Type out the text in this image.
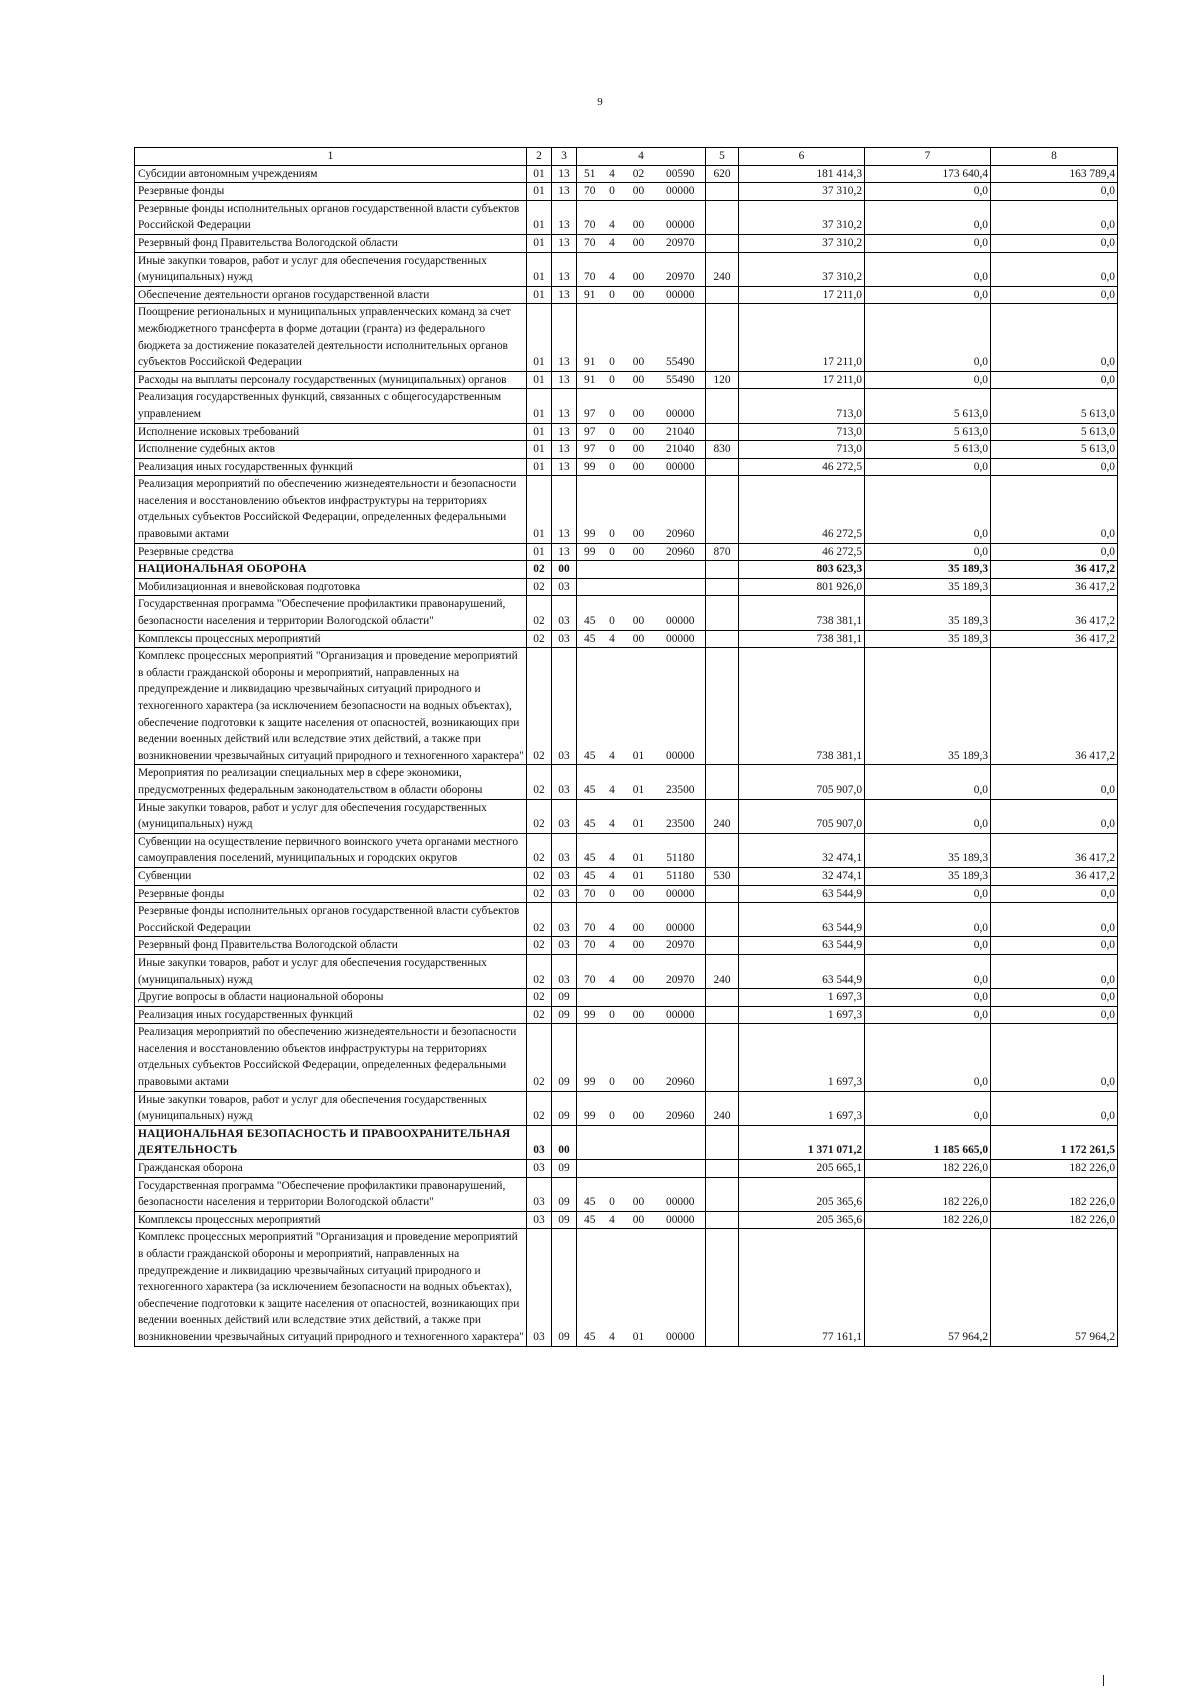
9
1	2	3	4				5	6	7	8
Субсидии автономным учреждениям	01	13	51	4	02	00590	620	181 414,3	173 640,4	163 789,4
Резервные фонды	01	13	70	0	00	00000		37 310,2	0,0	0,0
Резервные фонды исполнительных органов государственной власти субъектов Российской Федерации	01	13	70	4	00	00000		37 310,2	0,0	0,0
Резервный фонд Правительства Вологодской области	01	13	70	4	00	20970		37 310,2	0,0	0,0
Иные закупки товаров, работ и услуг для обеспечения государственных (муниципальных) нужд	01	13	70	4	00	20970	240	37 310,2	0,0	0,0
Обеспечение деятельности органов государственной власти	01	13	91	0	00	00000		17 211,0	0,0	0,0
Поощрение региональных и муниципальных управленческих команд за счет межбюджетного трансферта в форме дотации (гранта) из федерального бюджета за достижение показателей деятельности исполнительных органов субъектов Российской Федерации	01	13	91	0	00	55490		17 211,0	0,0	0,0
Расходы на выплаты персоналу государственных (муниципальных) органов	01	13	91	0	00	55490	120	17 211,0	0,0	0,0
Реализация государственных функций, связанных с общегосударственным управлением	01	13	97	0	00	00000		713,0	5 613,0	5 613,0
Исполнение исковых требований	01	13	97	0	00	21040		713,0	5 613,0	5 613,0
Исполнение судебных актов	01	13	97	0	00	21040	830	713,0	5 613,0	5 613,0
Реализация иных государственных функций	01	13	99	0	00	00000		46 272,5	0,0	0,0
Реализация мероприятий по обеспечению жизнедеятельности и безопасности населения и восстановлению объектов инфраструктуры на территориях отдельных субъектов Российской Федерации, определенных федеральными правовыми актами	01	13	99	0	00	20960		46 272,5	0,0	0,0
Резервные средства	01	13	99	0	00	20960	870	46 272,5	0,0	0,0
НАЦИОНАЛЬНАЯ ОБОРОНА	02	00						803 623,3	35 189,3	36 417,2
Мобилизационная и вневойсковая подготовка	02	03						801 926,0	35 189,3	36 417,2
Государственная программа "Обеспечение профилактики правонарушений, безопасности населения и территории Вологодской области"	02	03	45	0	00	00000		738 381,1	35 189,3	36 417,2
Комплексы процессных мероприятий	02	03	45	4	00	00000		738 381,1	35 189,3	36 417,2
Комплекс процессных мероприятий "Организация и проведение мероприятий в области гражданской обороны и мероприятий, направленных на предупреждение и ликвидацию чрезвычайных ситуаций природного и техногенного характера (за исключением безопасности на водных объектах), обеспечение подготовки к защите населения от опасностей, возникающих при ведении военных действий или вследствие этих действий, а также при возникновении чрезвычайных ситуаций природного и техногенного характера"	02	03	45	4	01	00000		738 381,1	35 189,3	36 417,2
Мероприятия по реализации специальных мер в сфере экономики, предусмотренных федеральным законодательством в области обороны	02	03	45	4	01	23500		705 907,0	0,0	0,0
Иные закупки товаров, работ и услуг для обеспечения государственных (муниципальных) нужд	02	03	45	4	01	23500	240	705 907,0	0,0	0,0
Субвенции на осуществление первичного воинского учета органами местного самоуправления поселений, муниципальных и городских округов	02	03	45	4	01	51180		32 474,1	35 189,3	36 417,2
Субвенции	02	03	45	4	01	51180	530	32 474,1	35 189,3	36 417,2
Резервные фонды	02	03	70	0	00	00000		63 544,9	0,0	0,0
Резервные фонды исполнительных органов государственной власти субъектов Российской Федерации	02	03	70	4	00	00000		63 544,9	0,0	0,0
Резервный фонд Правительства Вологодской области	02	03	70	4	00	20970		63 544,9	0,0	0,0
Иные закупки товаров, работ и услуг для обеспечения государственных (муниципальных) нужд	02	03	70	4	00	20970	240	63 544,9	0,0	0,0
Другие вопросы в области национальной обороны	02	09						1 697,3	0,0	0,0
Реализация иных государственных функций	02	09	99	0	00	00000		1 697,3	0,0	0,0
Реализация мероприятий по обеспечению жизнедеятельности и безопасности населения и восстановлению объектов инфраструктуры на территориях отдельных субъектов Российской Федерации, определенных федеральными правовыми актами	02	09	99	0	00	20960		1 697,3	0,0	0,0
Иные закупки товаров, работ и услуг для обеспечения государственных (муниципальных) нужд	02	09	99	0	00	20960	240	1 697,3	0,0	0,0
НАЦИОНАЛЬНАЯ БЕЗОПАСНОСТЬ И ПРАВООХРАНИТЕЛЬНАЯ ДЕЯТЕЛЬНОСТЬ	03	00						1 371 071,2	1 185 665,0	1 172 261,5
Гражданская оборона	03	09						205 665,1	182 226,0	182 226,0
Государственная программа "Обеспечение профилактики правонарушений, безопасности населения и территории Вологодской области"	03	09	45	0	00	00000		205 365,6	182 226,0	182 226,0
Комплексы процессных мероприятий	03	09	45	4	00	00000		205 365,6	182 226,0	182 226,0
Комплекс процессных мероприятий "Организация и проведение мероприятий в области гражданской обороны и мероприятий, направленных на предупреждение и ликвидацию чрезвычайных ситуаций природного и техногенного характера (за исключением безопасности на водных объектах), обеспечение подготовки к защите населения от опасностей, возникающих при ведении военных действий или вследствие этих действий, а также при возникновении чрезвычайных ситуаций природного и техногенного характера"	03	09	45	4	01	00000		77 161,1	57 964,2	57 964,2
